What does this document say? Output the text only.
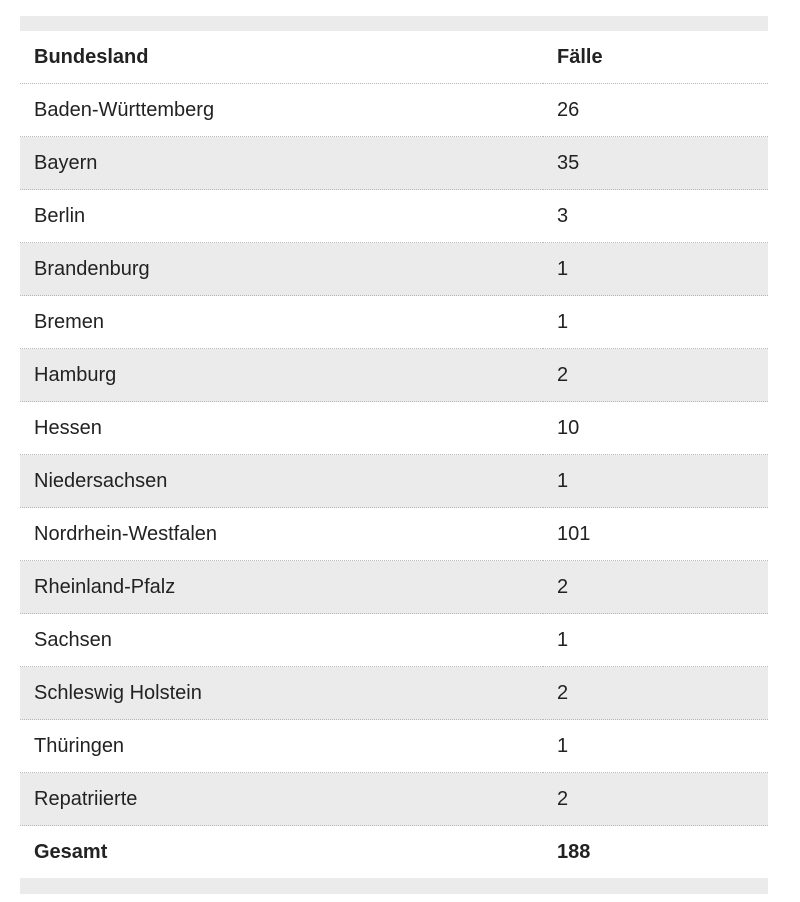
Bundesland	Fälle
Baden-Württemberg	26
Bayern	35
Berlin	3
Brandenburg	1
Bremen	1
Hamburg	2
Hessen	10
Niedersachsen	1
Nordrhein-Westfalen	101
Rheinland-Pfalz	2
Sachsen	1
Schleswig Holstein	2
Thüringen	1
Repatriierte	2
Gesamt	188
